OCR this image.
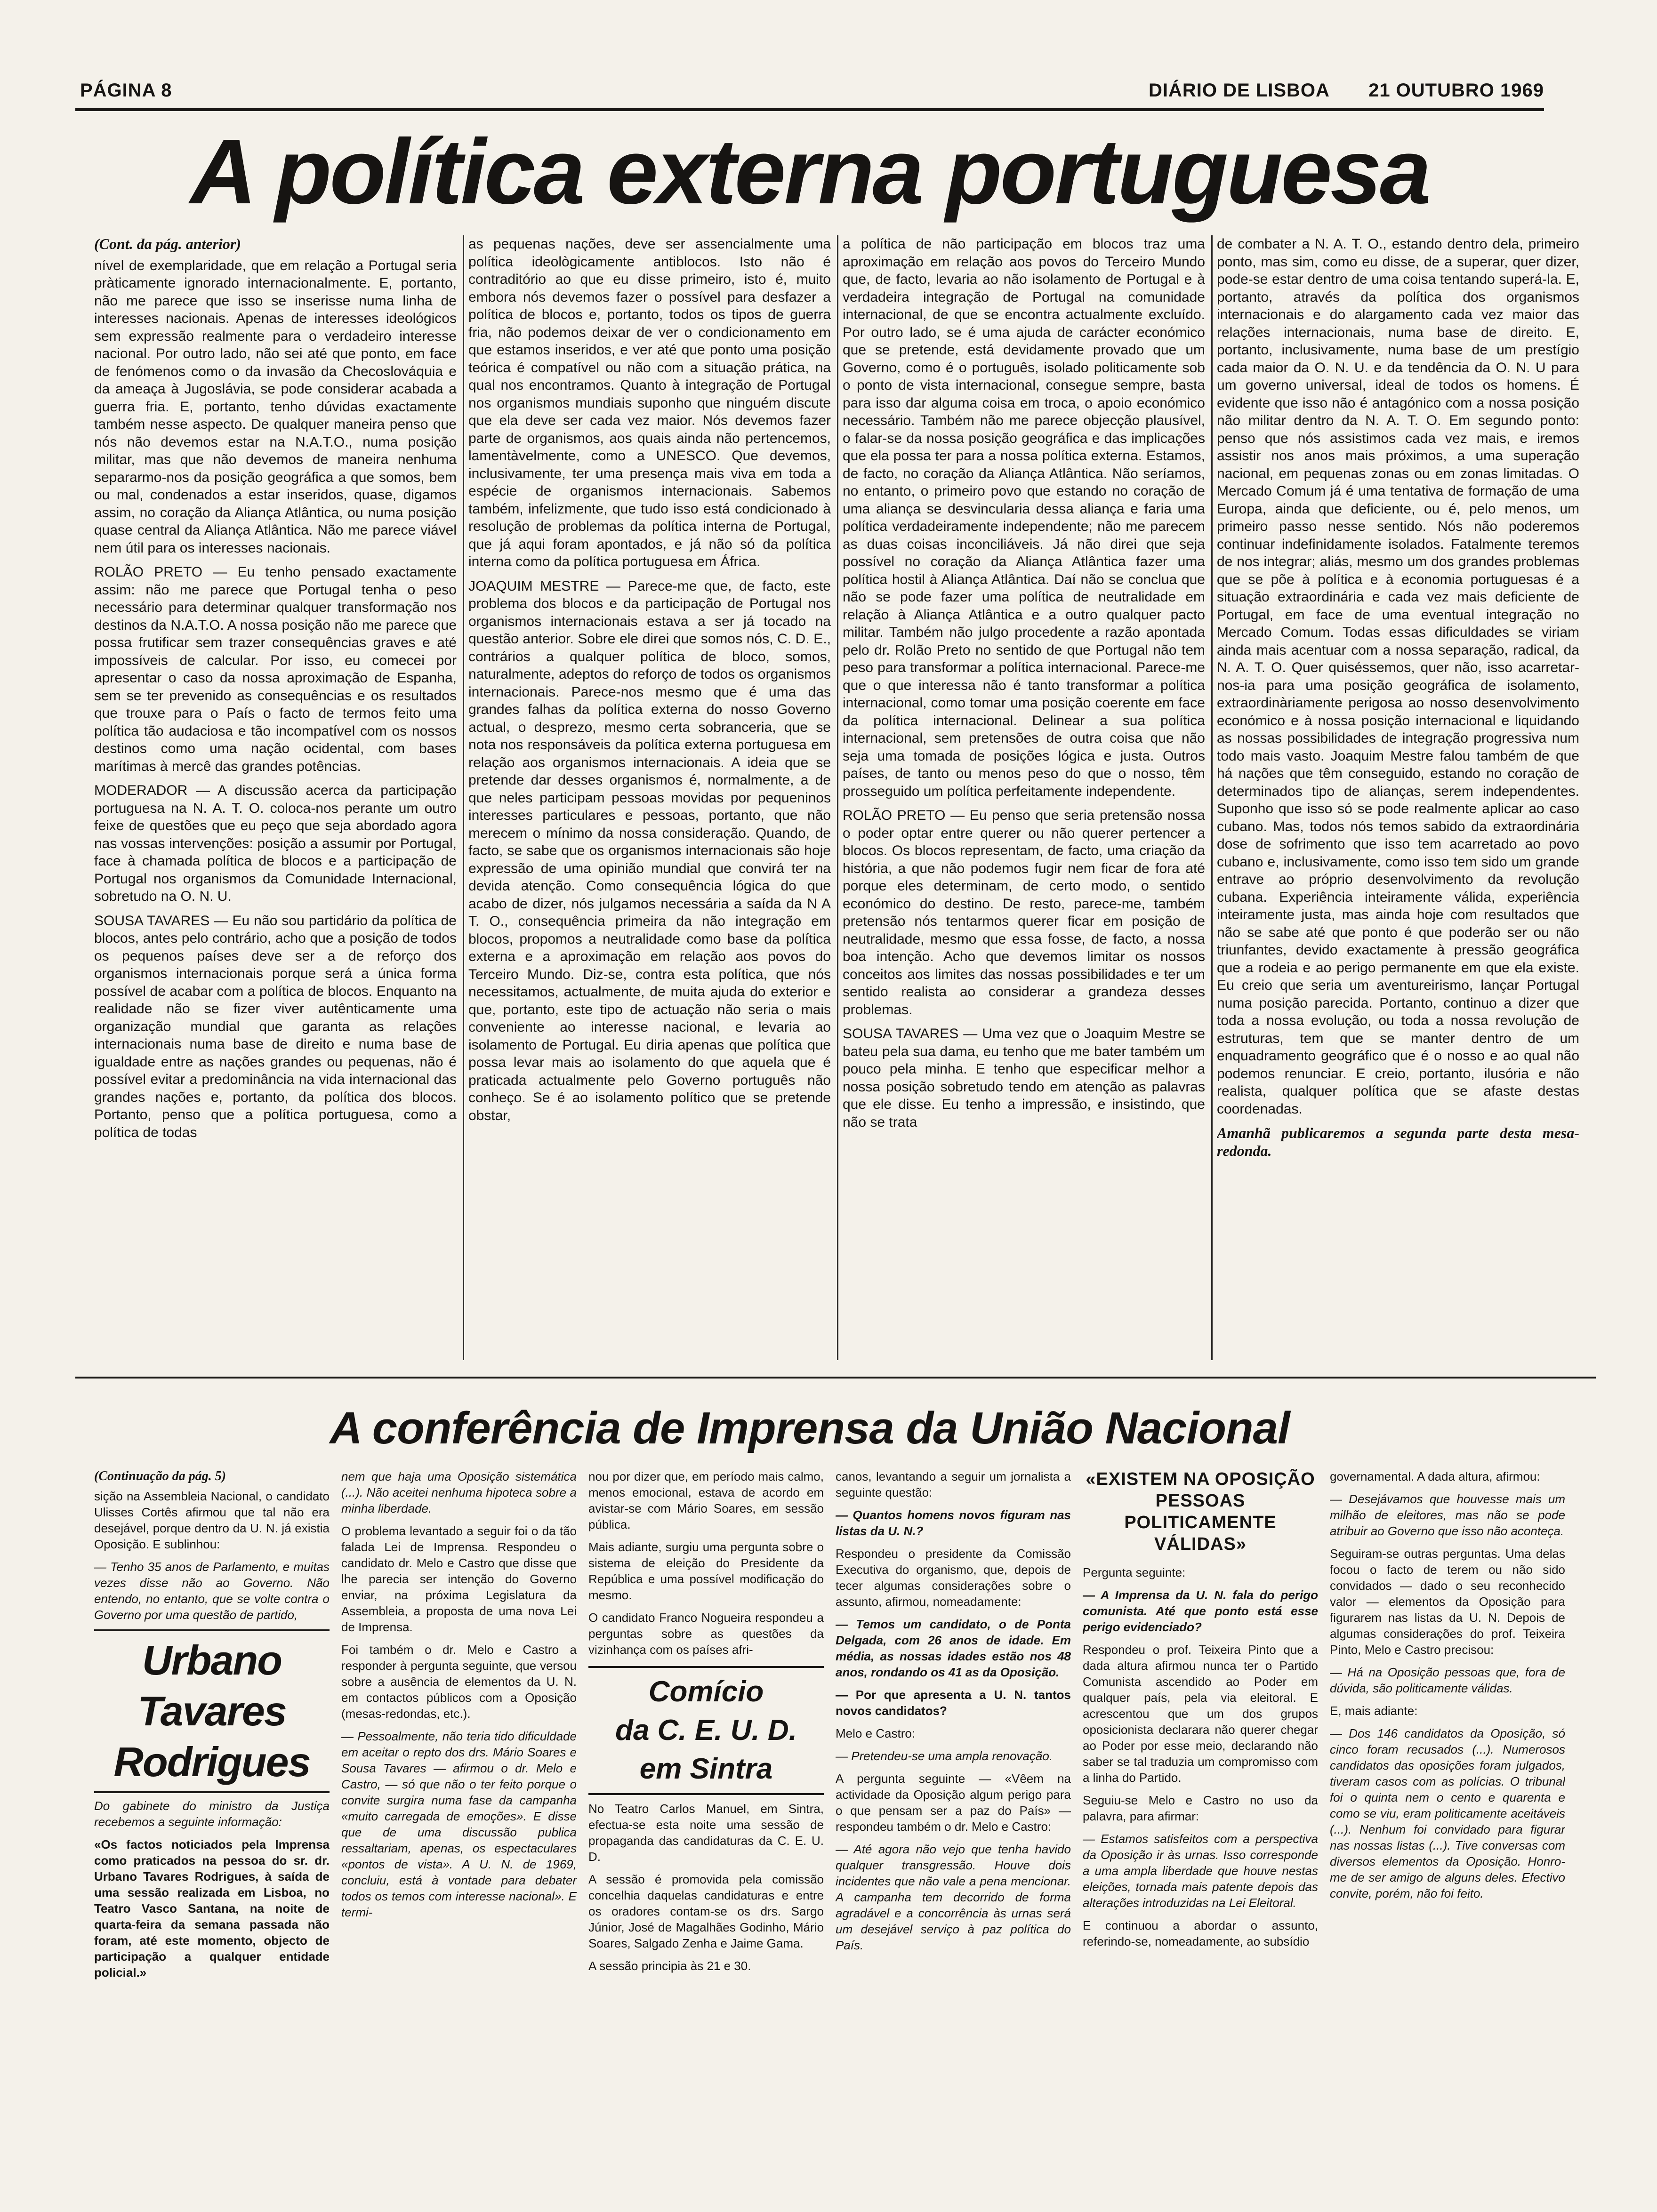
PÁGINA 8	DIÁRIO DE LISBOA 21 OUTUBRO 1969
A política externa portuguesa
(Cont. da pág. anterior)

nível de exemplaridade, que em relação a Portugal seria pràticamente ignorado internacionalmente. E, portanto, não me parece que isso se inserisse numa linha de interesses nacionais. Apenas de interesses ideológicos sem expressão realmente para o verdadeiro interesse nacional. Por outro lado, não sei até que ponto, em face de fenómenos como o da invasão da Checoslováquia e da ameaça à Jugoslávia, se pode considerar acabada a guerra fria. E, portanto, tenho dúvidas exactamente também nesse aspecto. De qualquer maneira penso que nós não devemos estar na N.A.T.O., numa posição militar, mas que não devemos de maneira nenhuma separarmo-nos da posição geográfica a que somos, bem ou mal, condenados a estar inseridos, quase, digamos assim, no coração da Aliança Atlântica, ou numa posição quase central da Aliança Atlântica. Não me parece viável nem útil para os interesses nacionais.

ROLÃO PRETO — Eu tenho pensado exactamente assim: não me parece que Portugal tenha o peso necessário para determinar qualquer transformação nos destinos da N.A.T.O. A nossa posição não me parece que possa frutificar sem trazer consequências graves e até impossíveis de calcular. Por isso, eu comecei por apresentar o caso da nossa aproximação de Espanha, sem se ter prevenido as consequências e os resultados que trouxe para o País o facto de termos feito uma política tão audaciosa e tão incompatível com os nossos destinos como uma nação ocidental, com bases marítimas à mercê das grandes potências.

MODERADOR — A discussão acerca da participação portuguesa na N. A. T. O. coloca-nos perante um outro feixe de questões que eu peço que seja abordado agora nas vossas intervenções: posição a assumir por Portugal, face à chamada política de blocos e a participação de Portugal nos organismos da Comunidade Internacional, sobretudo na O. N. U.

SOUSA TAVARES — Eu não sou partidário da política de blocos, antes pelo contrário, acho que a posição de todos os pequenos países deve ser a de reforço dos organismos internacionais porque será a única forma possível de acabar com a política de blocos. Enquanto na realidade não se fizer viver autênticamente uma organização mundial que garanta as relações internacionais numa base de direito e numa base de igualdade entre as nações grandes ou pequenas, não é possível evitar a predominância na vida internacional das grandes nações e, portanto, da política dos blocos. Portanto, penso que a política portuguesa, como a política de todas

as pequenas nações, deve ser assencialmente uma política ideològicamente antiblocos. Isto não é contraditório ao que eu disse primeiro, isto é, muito embora nós devemos fazer o possível para desfazer a política de blocos e, portanto, todos os tipos de guerra fria, não podemos deixar de ver o condicionamento em que estamos inseridos, e ver até que ponto uma posição teórica é compatível ou não com a situação prática, na qual nos encontramos. Quanto à integração de Portugal nos organismos mundiais suponho que ninguém discute que ela deve ser cada vez maior. Nós devemos fazer parte de organismos, aos quais ainda não pertencemos, lamentàvelmente, como a UNESCO. Que devemos, inclusivamente, ter uma presença mais viva em toda a espécie de organismos internacionais. Sabemos também, infelizmente, que tudo isso está condicionado à resolução de problemas da política interna de Portugal, que já aqui foram apontados, e já não só da política interna como da política portuguesa em África.

JOAQUIM MESTRE — Parece-me que, de facto, este problema dos blocos e da participação de Portugal nos organismos internacionais estava a ser já tocado na questão anterior. Sobre ele direi que somos nós, C. D. E., contrários a qualquer política de bloco, somos, naturalmente, adeptos do reforço de todos os organismos internacionais. Parece-nos mesmo que é uma das grandes falhas da política externa do nosso Governo actual, o desprezo, mesmo certa sobranceria, que se nota nos responsáveis da política externa portuguesa em relação aos organismos internacionais. A ideia que se pretende dar desses organismos é, normalmente, a de que neles participam pessoas movidas por pequeninos interesses particulares e pessoas, portanto, que não merecem o mínimo da nossa consideração. Quando, de facto, se sabe que os organismos internacionais são hoje expressão de uma opinião mundial que convirá ter na devida atenção. Como consequência lógica do que acabo de dizer, nós julgamos necessária a saída da N A T. O., consequência primeira da não integração em blocos, propomos a neutralidade como base da política externa e a aproximação em relação aos povos do Terceiro Mundo. Diz-se, contra esta política, que nós necessitamos, actualmente, de muita ajuda do exterior e que, portanto, este tipo de actuação não seria o mais conveniente ao interesse nacional, e levaria ao isolamento de Portugal. Eu diria apenas que política que possa levar mais ao isolamento do que aquela que é praticada actualmente pelo Governo português não conheço. Se é ao isolamento político que se pretende obstar,

a política de não participação em blocos traz uma aproximação em relação aos povos do Terceiro Mundo que, de facto, levaria ao não isolamento de Portugal e à verdadeira integração de Portugal na comunidade internacional, de que se encontra actualmente excluído. Por outro lado, se é uma ajuda de carácter económico que se pretende, está devidamente provado que um Governo, como é o português, isolado politicamente sob o ponto de vista internacional, consegue sempre, basta para isso dar alguma coisa em troca, o apoio económico necessário. Também não me parece objecção plausível, o falar-se da nossa posição geográfica e das implicações que ela possa ter para a nossa política externa. Estamos, de facto, no coração da Aliança Atlântica. Não seríamos, no entanto, o primeiro povo que estando no coração de uma aliança se desvincularia dessa aliança e faria uma política verdadeiramente independente; não me parecem as duas coisas inconciliáveis. Já não direi que seja possível no coração da Aliança Atlântica fazer uma política hostil à Aliança Atlântica. Daí não se conclua que não se pode fazer uma política de neutralidade em relação à Aliança Atlântica e a outro qualquer pacto militar. Também não julgo procedente a razão apontada pelo dr. Rolão Preto no sentido de que Portugal não tem peso para transformar a política internacional. Parece-me que o que interessa não é tanto transformar a política internacional, como tomar uma posição coerente em face da política internacional. Delinear a sua política internacional, sem pretensões de outra coisa que não seja uma tomada de posições lógica e justa. Outros países, de tanto ou menos peso do que o nosso, têm prosseguido um política perfeitamente independente.

ROLÃO PRETO — Eu penso que seria pretensão nossa o poder optar entre querer ou não querer pertencer a blocos. Os blocos representam, de facto, uma criação da história, a que não podemos fugir nem ficar de fora até porque eles determinam, de certo modo, o sentido económico do destino. De resto, parece-me, também pretensão nós tentarmos querer ficar em posição de neutralidade, mesmo que essa fosse, de facto, a nossa boa intenção. Acho que devemos limitar os nossos conceitos aos limites das nossas possibilidades e ter um sentido realista ao considerar a grandeza desses problemas.

SOUSA TAVARES — Uma vez que o Joaquim Mestre se bateu pela sua dama, eu tenho que me bater também um pouco pela minha. E tenho que especificar melhor a nossa posição sobretudo tendo em atenção as palavras que ele disse. Eu tenho a impressão, e insistindo, que não se trata

de combater a N. A. T. O., estando dentro dela, primeiro ponto, mas sim, como eu disse, de a superar, quer dizer, pode-se estar dentro de uma coisa tentando superá-la. E, portanto, através da política dos organismos internacionais e do alargamento cada vez maior das relações internacionais, numa base de direito. E, portanto, inclusivamente, numa base de um prestígio cada maior da O. N. U. e da tendência da O. N. U para um governo universal, ideal de todos os homens. É evidente que isso não é antagónico com a nossa posição não militar dentro da N. A. T. O. Em segundo ponto: penso que nós assistimos cada vez mais, e iremos assistir nos anos mais próximos, a uma superação nacional, em pequenas zonas ou em zonas limitadas. O Mercado Comum já é uma tentativa de formação de uma Europa, ainda que deficiente, ou é, pelo menos, um primeiro passo nesse sentido. Nós não poderemos continuar indefinidamente isolados. Fatalmente teremos de nos integrar; aliás, mesmo um dos grandes problemas que se põe à política e à economia portuguesas é a situação extraordinária e cada vez mais deficiente de Portugal, em face de uma eventual integração no Mercado Comum. Todas essas dificuldades se viriam ainda mais acentuar com a nossa separação, radical, da N. A. T. O. Quer quiséssemos, quer não, isso acarretar-nos-ia para uma posição geográfica de isolamento, extraordinàriamente perigosa ao nosso desenvolvimento económico e à nossa posição internacional e liquidando as nossas possibilidades de integração progressiva num todo mais vasto. Joaquim Mestre falou também de que há nações que têm conseguido, estando no coração de determinados tipo de alianças, serem independentes. Suponho que isso só se pode realmente aplicar ao caso cubano. Mas, todos nós temos sabido da extraordinária dose de sofrimento que isso tem acarretado ao povo cubano e, inclusivamente, como isso tem sido um grande entrave ao próprio desenvolvimento da revolução cubana. Experiência inteiramente válida, experiência inteiramente justa, mas ainda hoje com resultados que não se sabe até que ponto é que poderão ser ou não triunfantes, devido exactamente à pressão geográfica que a rodeia e ao perigo permanente em que ela existe. Eu creio que seria um aventureirismo, lançar Portugal numa posição parecida. Portanto, continuo a dizer que toda a nossa evolução, ou toda a nossa revolução de estruturas, tem que se manter dentro de um enquadramento geográfico que é o nosso e ao qual não podemos renunciar. E creio, portanto, ilusória e não realista, qualquer política que se afaste destas coordenadas.

Amanhã publicaremos a segunda parte desta mesa-redonda.
A conferência de Imprensa da União Nacional
(Continuação da pág. 5)

sição na Assembleia Nacional, o candidato Ulisses Cortês afirmou que tal não era desejável, porque dentro da U. N. já existia Oposição. E sublinhou:

— Tenho 35 anos de Parlamento, e muitas vezes disse não ao Governo. Não entendo, no entanto, que se volte contra o Governo por uma questão de partido,

Urbano
Tavares
Rodrigues

Do gabinete do ministro da Justiça recebemos a seguinte informação:

«Os factos noticiados pela Imprensa como praticados na pessoa do sr. dr. Urbano Tavares Rodrigues, à saída de uma sessão realizada em Lisboa, no Teatro Vasco Santana, na noite de quarta-feira da semana passada não foram, até este momento, objecto de participação a qualquer entidade policial.»

nem que haja uma Oposição sistemática (...). Não aceitei nenhuma hipoteca sobre a minha liberdade.

O problema levantado a seguir foi o da tão falada Lei de Imprensa. Respondeu o candidato dr. Melo e Castro que disse que lhe parecia ser intenção do Governo enviar, na próxima Legislatura da Assembleia, a proposta de uma nova Lei de Imprensa.

Foi também o dr. Melo e Castro a responder à pergunta seguinte, que versou sobre a ausência de elementos da U. N. em contactos públicos com a Oposição (mesas-redondas, etc.).

— Pessoalmente, não teria tido dificuldade em aceitar o repto dos drs. Mário Soares e Sousa Tavares — afirmou o dr. Melo e Castro, — só que não o ter feito porque o convite surgira numa fase da campanha «muito carregada de emoções». E disse que de uma discussão publica ressaltariam, apenas, os espectaculares «pontos de vista». A U. N. de 1969, concluiu, está à vontade para debater todos os temos com interesse nacional». E termi-

nou por dizer que, em período mais calmo, menos emocional, estava de acordo em avistar-se com Mário Soares, em sessão pública.

Mais adiante, surgiu uma pergunta sobre o sistema de eleição do Presidente da República e uma possível modificação do mesmo.

O candidato Franco Nogueira respondeu a perguntas sobre as questões da vizinhança com os países afri-

Comício
da C. E. U. D.
em Sintra

No Teatro Carlos Manuel, em Sintra, efectua-se esta noite uma sessão de propaganda das candidaturas da C. E. U. D.

A sessão é promovida pela comissão concelhia daquelas candidaturas e entre os oradores contam-se os drs. Sargo Júnior, José de Magalhães Godinho, Mário Soares, Salgado Zenha e Jaime Gama.

A sessão principia às 21 e 30.

canos, levantando a seguir um jornalista a seguinte questão:

— Quantos homens novos figuram nas listas da U. N.?

Respondeu o presidente da Comissão Executiva do organismo, que, depois de tecer algumas considerações sobre o assunto, afirmou, nomeadamente:

— Temos um candidato, o de Ponta Delgada, com 26 anos de idade. Em média, as nossas idades estão nos 48 anos, rondando os 41 as da Oposição.

— Por que apresenta a U. N. tantos novos candidatos?

Melo e Castro:

— Pretendeu-se uma ampla renovação.

A pergunta seguinte — «Vêem na actividade da Oposição algum perigo para o que pensam ser a paz do País» — respondeu também o dr. Melo e Castro:

— Até agora não vejo que tenha havido qualquer transgressão. Houve dois incidentes que não vale a pena mencionar. A campanha tem decorrido de forma agradável e a concorrência às urnas será um desejável serviço à paz política do País.

«EXISTEM NA OPOSIÇÃO PESSOAS POLITICAMENTE VÁLIDAS»

Pergunta seguinte:

— A Imprensa da U. N. fala do perigo comunista. Até que ponto está esse perigo evidenciado?

Respondeu o prof. Teixeira Pinto que a dada altura afirmou nunca ter o Partido Comunista ascendido ao Poder em qualquer país, pela via eleitoral. E acrescentou que um dos grupos oposicionista declarara não querer chegar ao Poder por esse meio, declarando não saber se tal traduzia um compromisso com a linha do Partido.

Seguiu-se Melo e Castro no uso da palavra, para afirmar:

— Estamos satisfeitos com a perspectiva da Oposição ir às urnas. Isso corresponde a uma ampla liberdade que houve nestas eleições, tornada mais patente depois das alterações introduzidas na Lei Eleitoral.

E continuou a abordar o assunto, referindo-se, nomeadamente, ao subsídio

governamental. A dada altura, afirmou:

— Desejávamos que houvesse mais um milhão de eleitores, mas não se pode atribuir ao Governo que isso não aconteça.

Seguiram-se outras perguntas. Uma delas focou o facto de terem ou não sido convidados — dado o seu reconhecido valor — elementos da Oposição para figurarem nas listas da U. N. Depois de algumas considerações do prof. Teixeira Pinto, Melo e Castro precisou:

— Há na Oposição pessoas que, fora de dúvida, são politicamente válidas.

E, mais adiante:

— Dos 146 candidatos da Oposição, só cinco foram recusados (...). Numerosos candidatos das oposições foram julgados, tiveram casos com as polícias. O tribunal foi o quinta nem o cento e quarenta e como se viu, eram politicamente aceitáveis (...). Nenhum foi convidado para figurar nas nossas listas (...). Tive conversas com diversos elementos da Oposição. Honro-me de ser amigo de alguns deles. Efectivo convite, porém, não foi feito.
